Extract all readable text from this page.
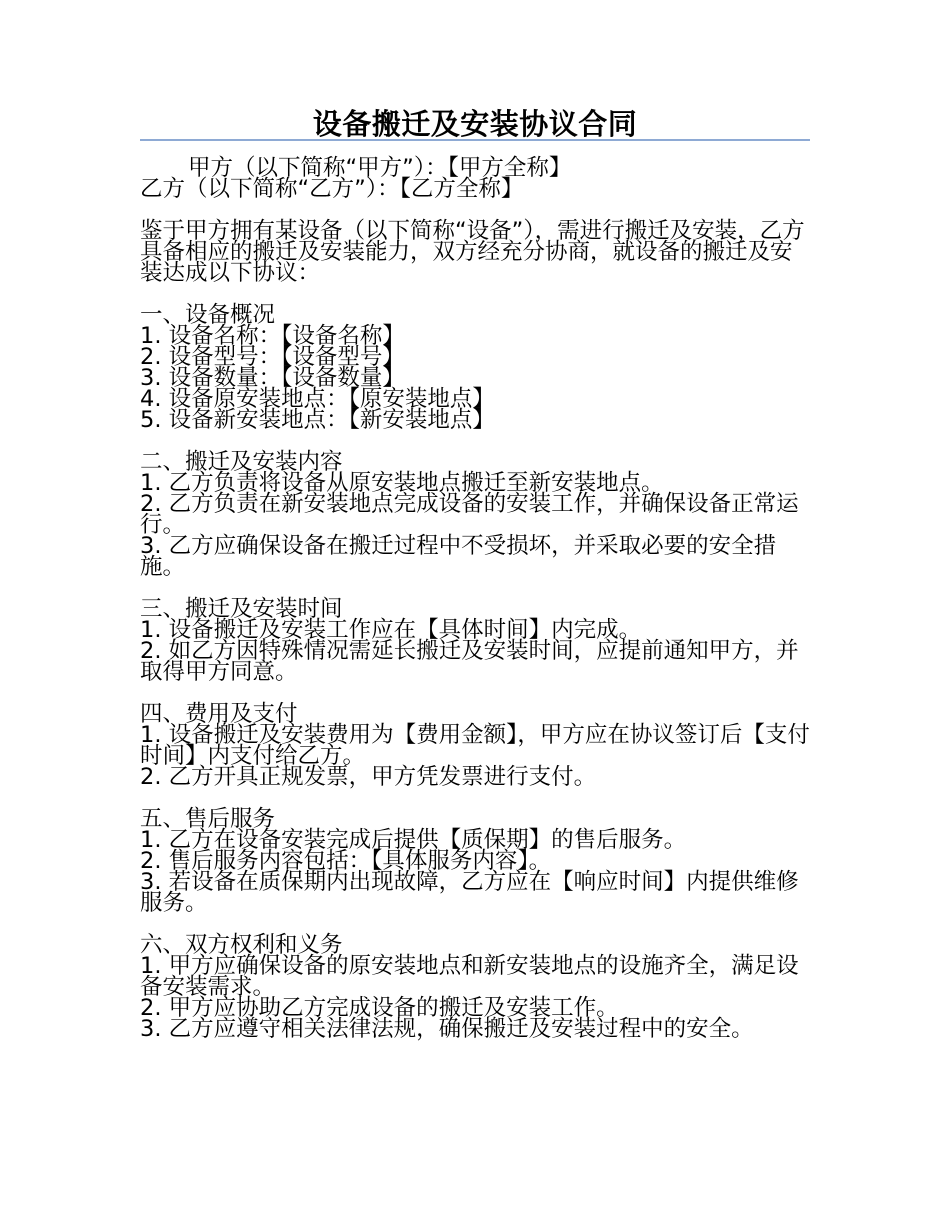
设备搬迁及安装协议合同
甲方（以下简称“甲方”）：【甲方全称】
乙方（以下简称“乙方”）：【乙方全称】
鉴于甲方拥有某设备（以下简称“设备”），需进行搬迁及安装，乙方具备相应的搬迁及安装能力，双方经充分协商，就设备的搬迁及安装达成以下协议：
一、设备概况
1. 设备名称：【设备名称】
2. 设备型号：【设备型号】
3. 设备数量：【设备数量】
4. 设备原安装地点：【原安装地点】
5. 设备新安装地点：【新安装地点】
二、搬迁及安装内容
1. 乙方负责将设备从原安装地点搬迁至新安装地点。
2. 乙方负责在新安装地点完成设备的安装工作，并确保设备正常运行。
3. 乙方应确保设备在搬迁过程中不受损坏，并采取必要的安全措施。
三、搬迁及安装时间
1. 设备搬迁及安装工作应在【具体时间】内完成。
2. 如乙方因特殊情况需延长搬迁及安装时间，应提前通知甲方，并取得甲方同意。
四、费用及支付
1. 设备搬迁及安装费用为【费用金额】，甲方应在协议签订后【支付时间】内支付给乙方。
2. 乙方开具正规发票，甲方凭发票进行支付。
五、售后服务
1. 乙方在设备安装完成后提供【质保期】的售后服务。
2. 售后服务内容包括：【具体服务内容】。
3. 若设备在质保期内出现故障，乙方应在【响应时间】内提供维修服务。
六、双方权利和义务
1. 甲方应确保设备的原安装地点和新安装地点的设施齐全，满足设备安装需求。
2. 甲方应协助乙方完成设备的搬迁及安装工作。
3. 乙方应遵守相关法律法规，确保搬迁及安装过程中的安全。
